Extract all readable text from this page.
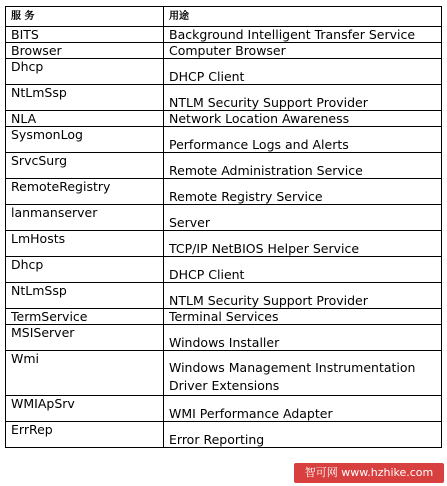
服 务	用途
BITS	Background Intelligent Transfer Service
Browser	Computer Browser
Dhcp	DHCP Client
NtLmSsp	NTLM Security Support Provider
NLA	Network Location Awareness
SysmonLog	Performance Logs and Alerts
SrvcSurg	Remote Administration Service
RemoteRegistry	Remote Registry Service
lanmanserver	Server
LmHosts	TCP/IP NetBIOS Helper Service
Dhcp	DHCP Client
NtLmSsp	NTLM Security Support Provider
TermService	Terminal Services
MSIServer	Windows Installer
Wmi	Windows Management Instrumentation Driver Extensions
WMIApSrv	WMI Performance Adapter
ErrRep	Error Reporting
智可网 www.hzhike.com
